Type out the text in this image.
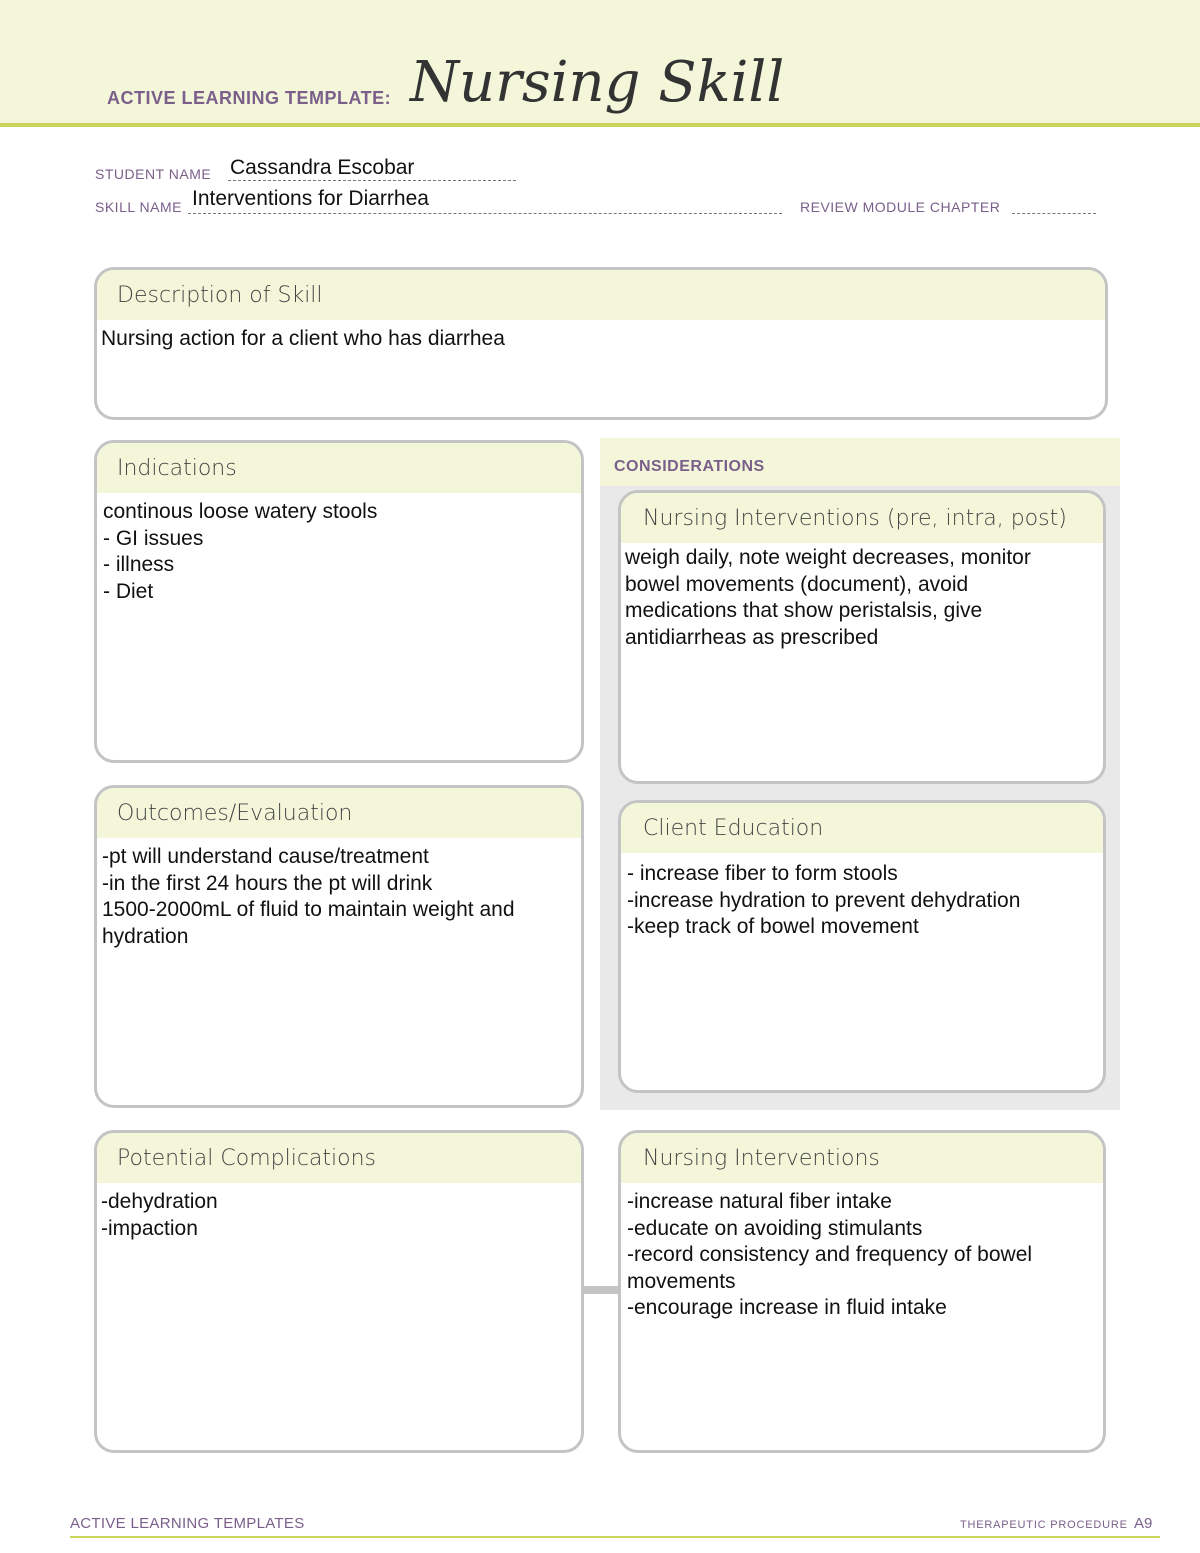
ACTIVE LEARNING TEMPLATE: Nursing Skill
STUDENT NAME Cassandra Escobar
SKILL NAME Interventions for Diarrhea	REVIEW MODULE CHAPTER
Description of Skill
Nursing action for a client who has diarrhea
CONSIDERATIONS
Indications
continous loose watery stools
- GI issues
- illness
- Diet
Nursing Interventions (pre, intra, post)
weigh daily, note weight decreases, monitor
bowel movements (document), avoid
medications that show peristalsis, give
antidiarrheas as prescribed
Outcomes/Evaluation
-pt will understand cause/treatment
-in the first 24 hours the pt will drink
1500-2000mL of fluid to maintain weight and
hydration
Client Education
- increase fiber to form stools
-increase hydration to prevent dehydration
-keep track of bowel movement
Potential Complications
-dehydration
-impaction
Nursing Interventions
-increase natural fiber intake
-educate on avoiding stimulants
-record consistency and frequency of bowel
movements
-encourage increase in fluid intake
ACTIVE LEARNING TEMPLATES	THERAPEUTIC PROCEDURE A9
